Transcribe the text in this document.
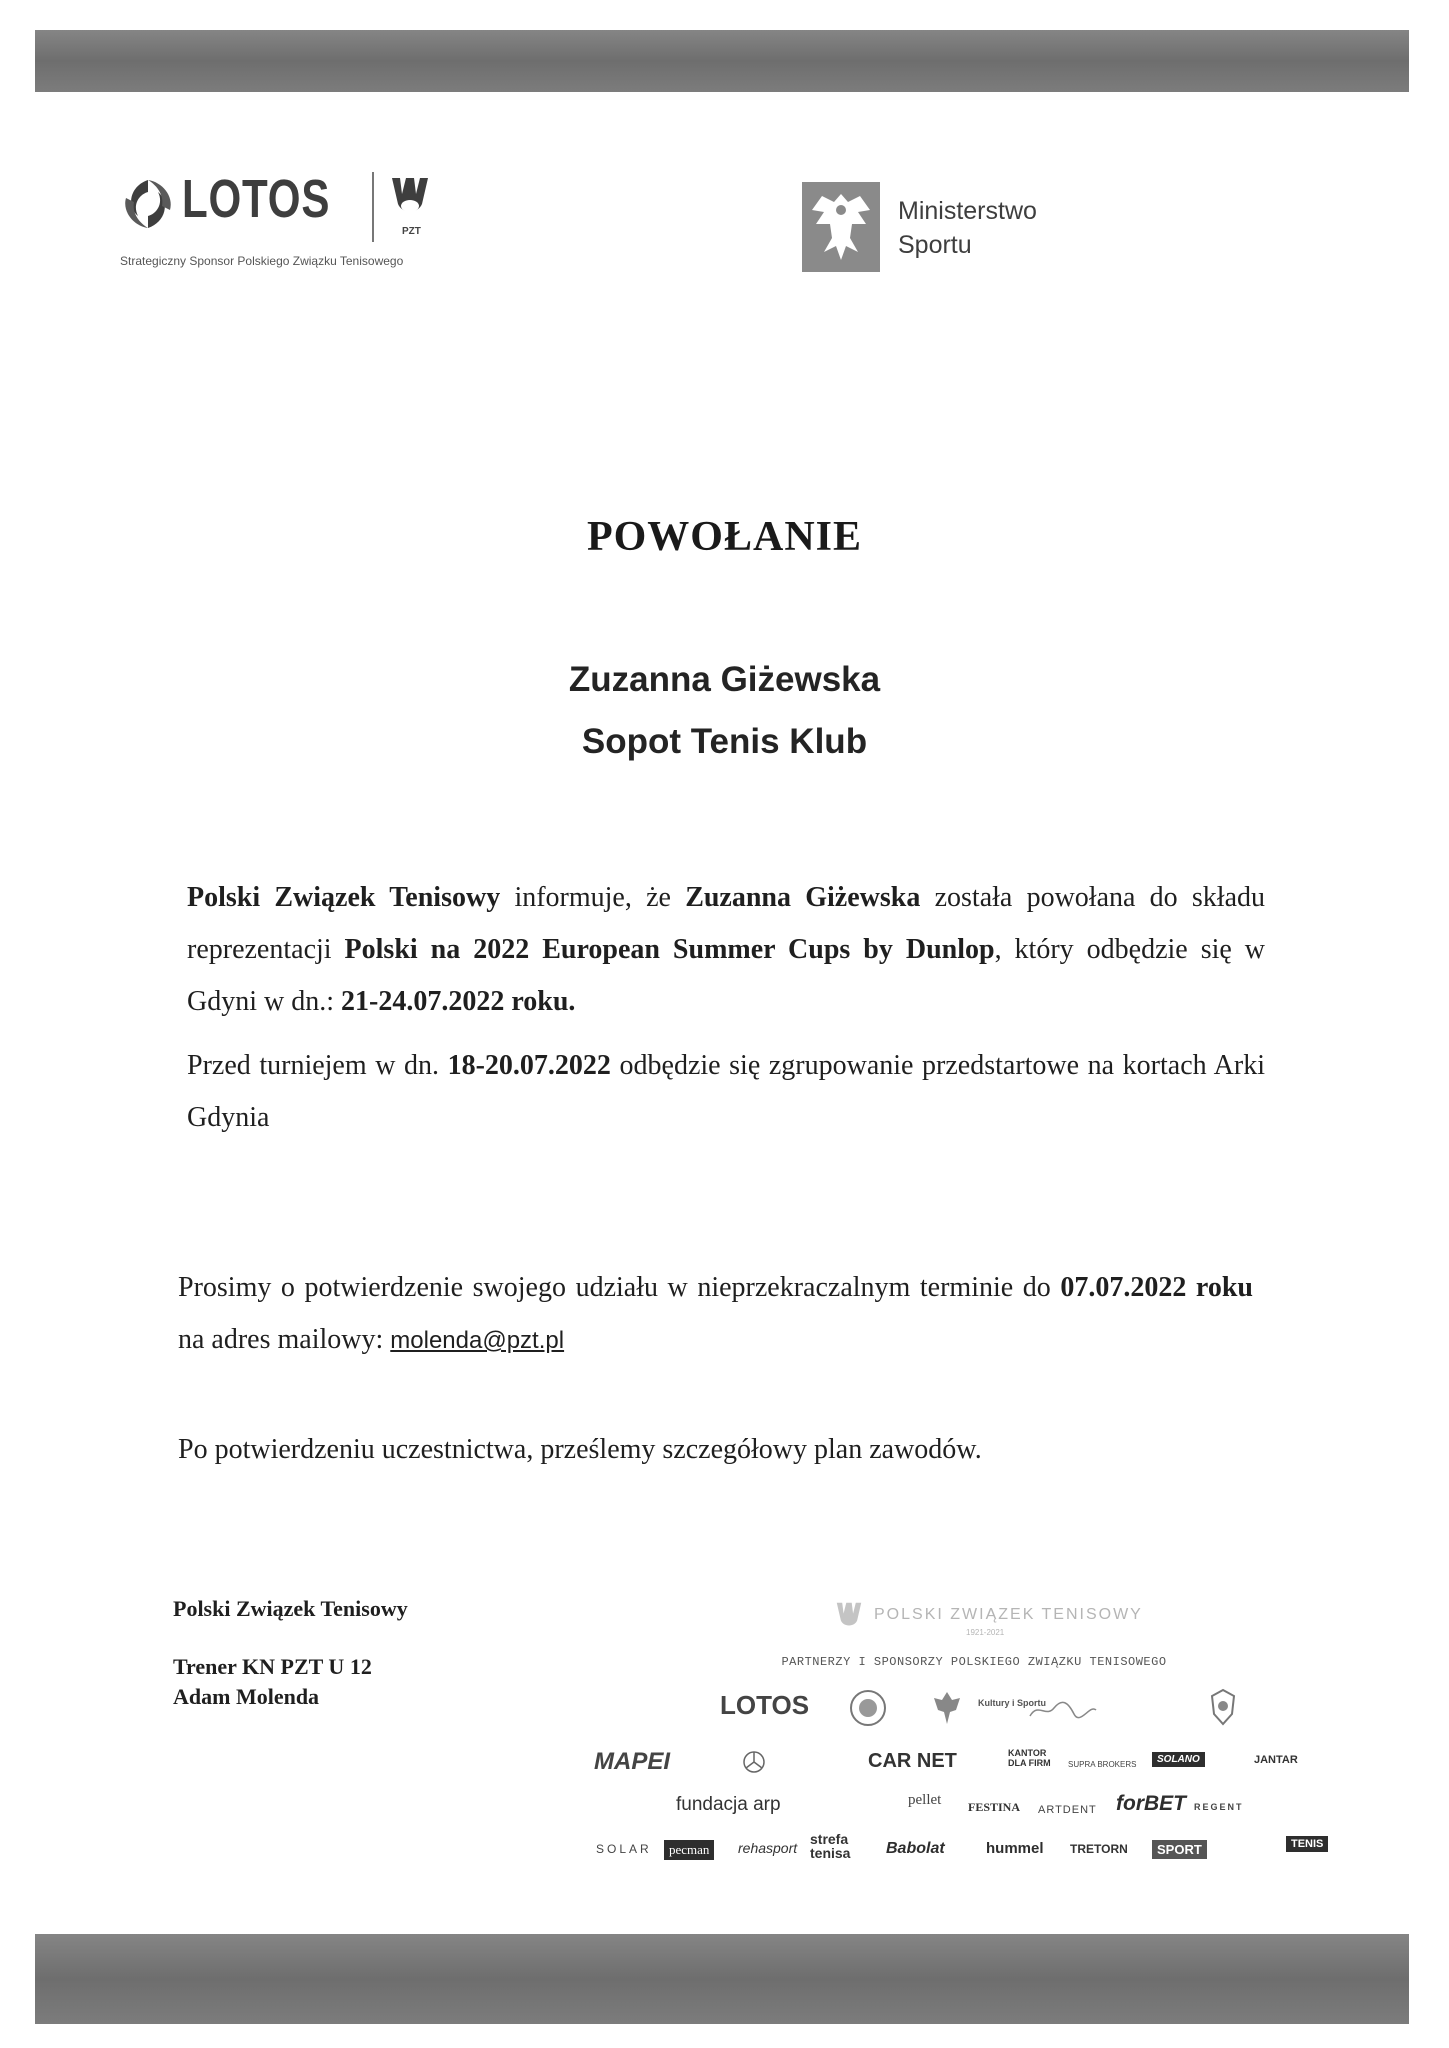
LOTOS
PZT
Strategiczny Sponsor Polskiego Związku Tenisowego
Ministerstwo
Sportu
POWOŁANIE
Zuzanna Giżewska
Sopot Tenis Klub
Polski Związek Tenisowy informuje, że Zuzanna Giżewska została powołana do składu reprezentacji Polski na 2022 European Summer Cups by Dunlop, który odbędzie się w Gdyni w dn.: 21-24.07.2022 roku.
Przed turniejem w dn. 18-20.07.2022 odbędzie się zgrupowanie przedstartowe na kortach Arki Gdynia
Prosimy o potwierdzenie swojego udziału w nieprzekraczalnym terminie do 07.07.2022 roku na adres mailowy: molenda@pzt.pl
Po potwierdzeniu uczestnictwa, prześlemy szczegółowy plan zawodów.
Polski Związek Tenisowy
Trener KN PZT U 12
Adam Molenda
POLSKI ZWIĄZEK TENISOWY
1921-2021
PARTNERZY I SPONSORZY POLSKIEGO ZWIĄZKU TENISOWEGO
LOTOS	Kultury i Sportu
MAPEI	CAR NET	KANTOR DLA FIRM	SUPRA BROKERS	SOLANO	JANTAR
fundacja arp	pellet FESTINA ARTDENT forBET REGENT
SOLAR	pecman	rehasport
strefa tenisa	Babolat	hummel TRETORN	SPORT	TENIS
